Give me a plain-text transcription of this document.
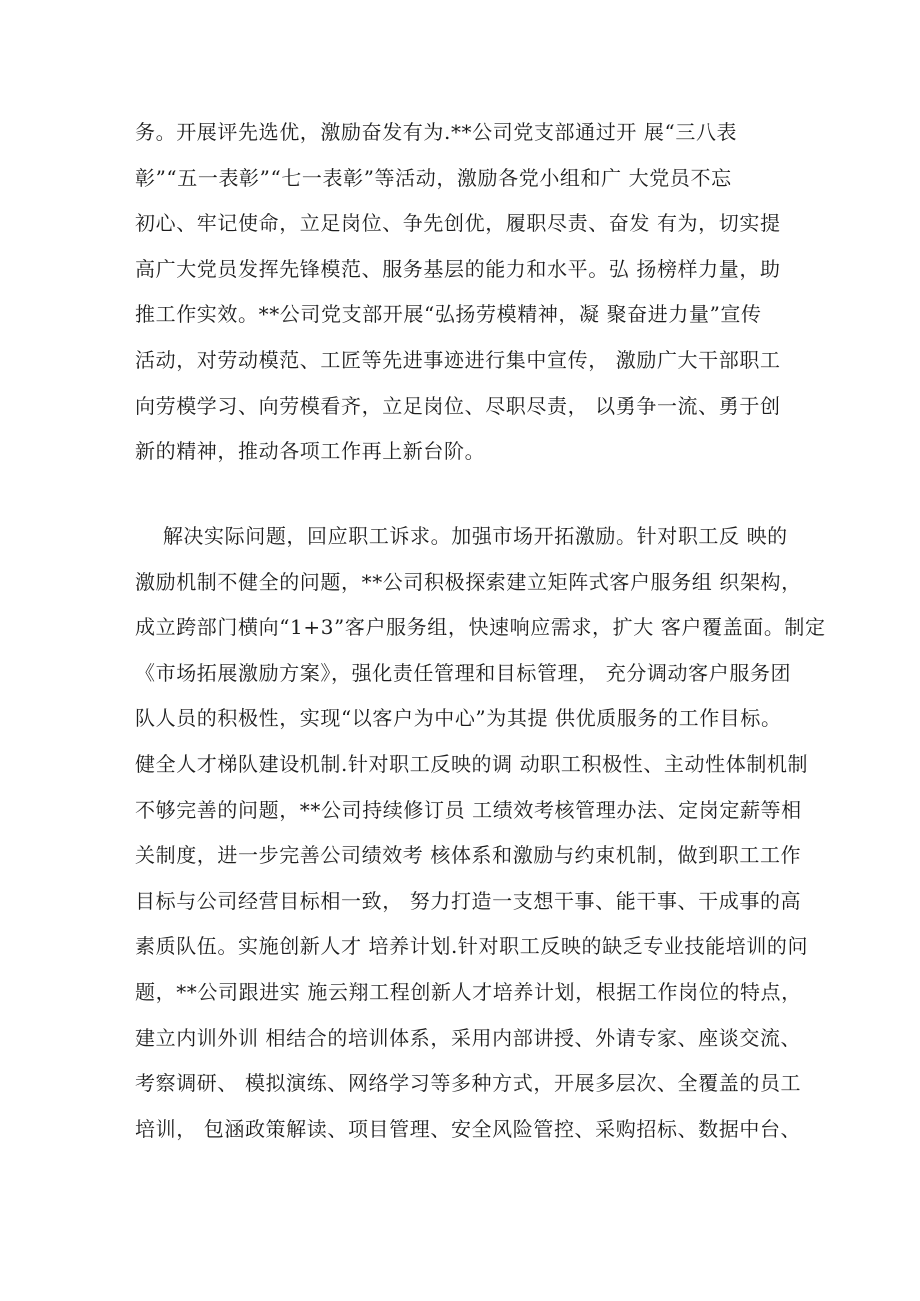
务。开展评先选优，激励奋发有为.**公司党支部通过开 展“三八表
彰”“五一表彰”“七一表彰”等活动，激励各党小组和广 大党员不忘
初心、牢记使命，立足岗位、争先创优，履职尽责、奋发 有为，切实提
高广大党员发挥先锋模范、服务基层的能力和水平。弘 扬榜样力量，助
推工作实效。**公司党支部开展“弘扬劳模精神，凝 聚奋进力量”宣传
活动，对劳动模范、工匠等先进事迹进行集中宣传， 激励广大干部职工
向劳模学习、向劳模看齐，立足岗位、尽职尽责， 以勇争一流、勇于创
新的精神，推动各项工作再上新台阶。
解决实际问题，回应职工诉求。加强市场开拓激励。针对职工反 映的
激励机制不健全的问题，**公司积极探索建立矩阵式客户服务组 织架构，
成立跨部门横向“1+3”客户服务组，快速响应需求，扩大 客户覆盖面。制定
《市场拓展激励方案》，强化责任管理和目标管理， 充分调动客户服务团
队人员的积极性，实现“以客户为中心”为其提 供优质服务的工作目标。
健全人才梯队建设机制.针对职工反映的调 动职工积极性、主动性体制机制
不够完善的问题，**公司持续修订员 工绩效考核管理办法、定岗定薪等相
关制度，进一步完善公司绩效考 核体系和激励与约束机制，做到职工工作
目标与公司经营目标相一致， 努力打造一支想干事、能干事、干成事的高
素质队伍。实施创新人才 培养计划.针对职工反映的缺乏专业技能培训的问
题，**公司跟进实 施云翔工程创新人才培养计划，根据工作岗位的特点，
建立内训外训 相结合的培训体系，采用内部讲授、外请专家、座谈交流、
考察调研、 模拟演练、网络学习等多种方式，开展多层次、全覆盖的员工
培训， 包涵政策解读、项目管理、安全风险管控、采购招标、数据中台、
